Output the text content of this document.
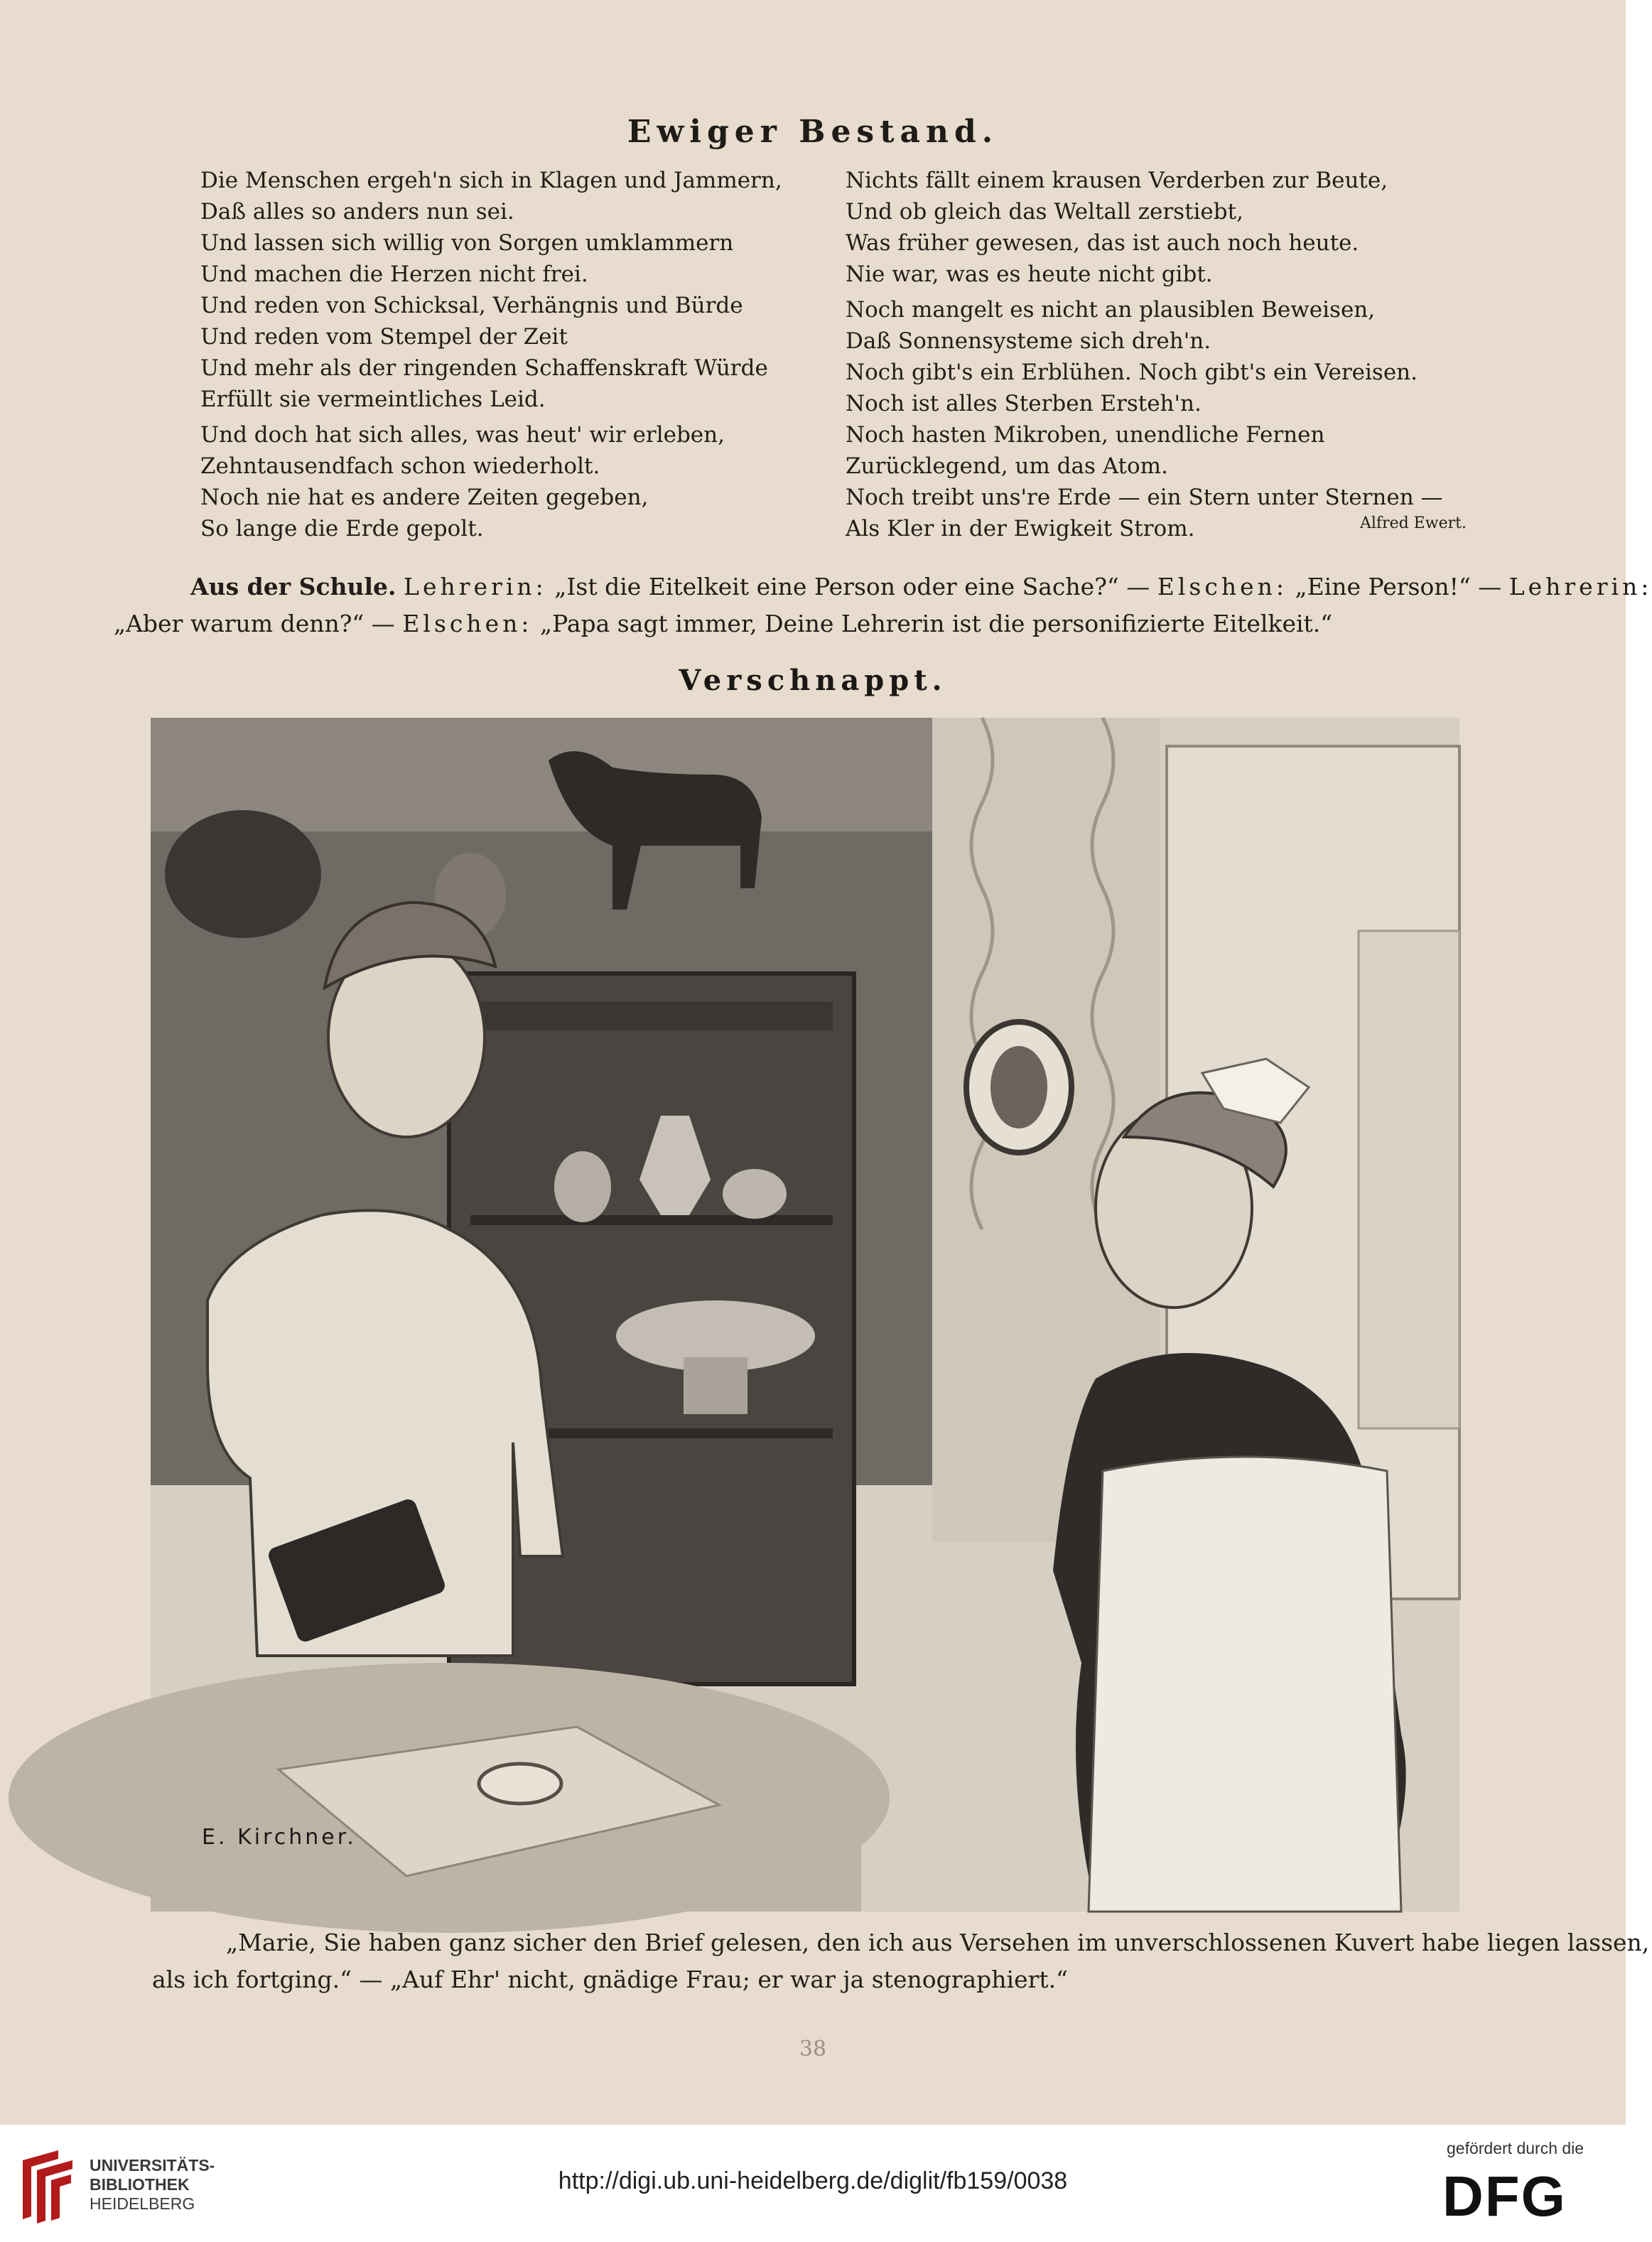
Ewiger Bestand.
Die Menschen ergeh'n sich in Klagen und Jammern,
Daß alles so anders nun sei.
Und lassen sich willig von Sorgen umklammern
Und machen die Herzen nicht frei.
Und reden von Schicksal, Verhängnis und Bürde
Und reden vom Stempel der Zeit
Und mehr als der ringenden Schaffenskraft Würde
Erfüllt sie vermeintliches Leid.
Und doch hat sich alles, was heut' wir erleben,
Zehntausendfach schon wiederholt.
Noch nie hat es andere Zeiten gegeben,
So lange die Erde gepolt.
Nichts fällt einem krausen Verderben zur Beute,
Und ob gleich das Weltall zerstiebt,
Was früher gewesen, das ist auch noch heute.
Nie war, was es heute nicht gibt.
Noch mangelt es nicht an plausiblen Beweisen,
Daß Sonnensysteme sich dreh'n.
Noch gibt's ein Erblühen. Noch gibt's ein Vereisen.
Noch ist alles Sterben Ersteh'n.
Noch hasten Mikroben, unendliche Fernen
Zurücklegend, um das Atom.
Noch treibt uns're Erde — ein Stern unter Sternen —
Als Kler in der Ewigkeit Strom.	Alfred Ewert.
Aus der Schule. Lehrerin: „Ist die Eitelkeit eine Person oder eine Sache?“ — Elschen: „Eine Person!“ — Lehrerin:
„Aber warum denn?“ — Elschen: „Papa sagt immer, Deine Lehrerin ist die personifizierte Eitelkeit.“
Verschnappt.
E. Kirchner.
„Marie, Sie haben ganz sicher den Brief gelesen, den ich aus Versehen im unverschlossenen Kuvert habe liegen lassen,
als ich fortging.“ — „Auf Ehr' nicht, gnädige Frau; er war ja stenographiert.“
38
UNIVERSITÄTS-
BIBLIOTHEK
HEIDELBERG
http://digi.ub.uni-heidelberg.de/diglit/fb159/0038
gefördert durch die
DFG
